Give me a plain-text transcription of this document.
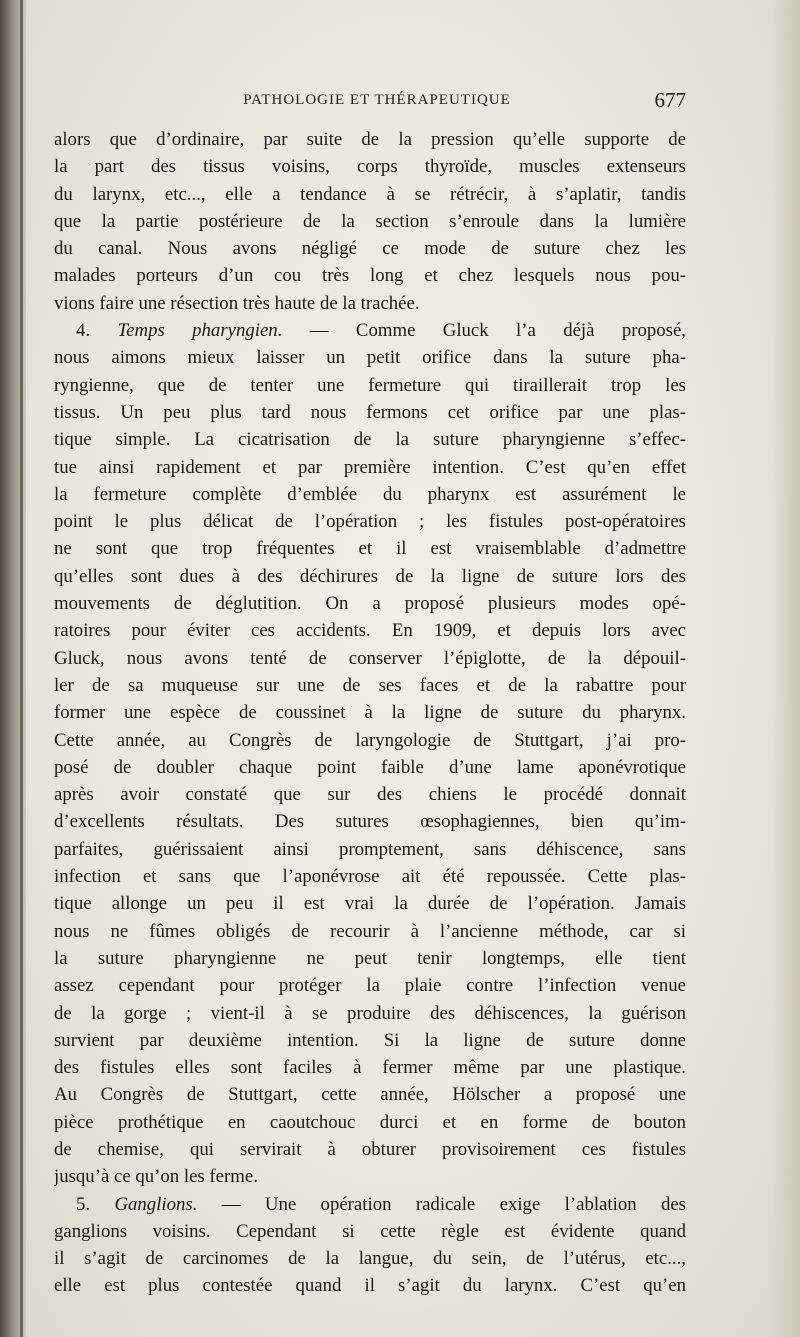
PATHOLOGIE ET THÉRAPEUTIQUE	677
alors que d’ordinaire, par suite de la pression qu’elle supporte de
la part des tissus voisins, corps thyroïde, muscles extenseurs
du larynx, etc..., elle a tendance à se rétrécir, à s’aplatir, tandis
que la partie postérieure de la section s’enroule dans la lumière
du canal. Nous avons négligé ce mode de suture chez les
malades porteurs d’un cou très long et chez lesquels nous pou-
vions faire une résection très haute de la trachée.
4. Temps pharyngien. — Comme Gluck l’a déjà proposé,
nous aimons mieux laisser un petit orifice dans la suture pha-
ryngienne, que de tenter une fermeture qui tiraillerait trop les
tissus. Un peu plus tard nous fermons cet orifice par une plas-
tique simple. La cicatrisation de la suture pharyngienne s’effec-
tue ainsi rapidement et par première intention. C’est qu’en effet
la fermeture complète d’emblée du pharynx est assurément le
point le plus délicat de l’opération ; les fistules post-opératoires
ne sont que trop fréquentes et il est vraisemblable d’admettre
qu’elles sont dues à des déchirures de la ligne de suture lors des
mouvements de déglutition. On a proposé plusieurs modes opé-
ratoires pour éviter ces accidents. En 1909, et depuis lors avec
Gluck, nous avons tenté de conserver l’épiglotte, de la dépouil-
ler de sa muqueuse sur une de ses faces et de la rabattre pour
former une espèce de coussinet à la ligne de suture du pharynx.
Cette année, au Congrès de laryngologie de Stuttgart, j’ai pro-
posé de doubler chaque point faible d’une lame aponévrotique
après avoir constaté que sur des chiens le procédé donnait
d’excellents résultats. Des sutures œsophagiennes, bien qu’im-
parfaites, guérissaient ainsi promptement, sans déhiscence, sans
infection et sans que l’aponévrose ait été repoussée. Cette plas-
tique allonge un peu il est vrai la durée de l’opération. Jamais
nous ne fûmes obligés de recourir à l’ancienne méthode, car si
la suture pharyngienne ne peut tenir longtemps, elle tient
assez cependant pour protéger la plaie contre l’infection venue
de la gorge ; vient-il à se produire des déhiscences, la guérison
survient par deuxième intention. Si la ligne de suture donne
des fistules elles sont faciles à fermer même par une plastique.
Au Congrès de Stuttgart, cette année, Hölscher a proposé une
pièce prothétique en caoutchouc durci et en forme de bouton
de chemise, qui servirait à obturer provisoirement ces fistules
jusqu’à ce qu’on les ferme.
5. Ganglions. — Une opération radicale exige l’ablation des
ganglions voisins. Cependant si cette règle est évidente quand
il s’agit de carcinomes de la langue, du sein, de l’utérus, etc...,
elle est plus contestée quand il s’agit du larynx. C’est qu’en
